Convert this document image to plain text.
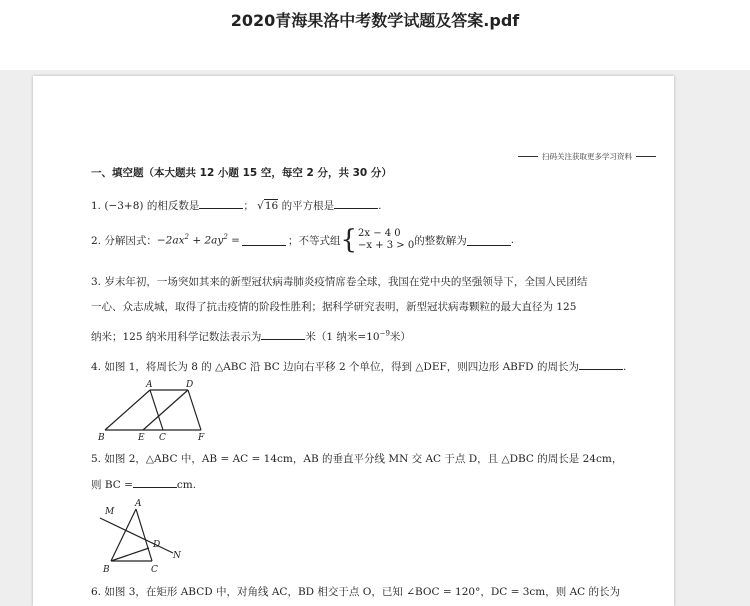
2020青海果洛中考数学试题及答案.pdf
扫码关注获取更多学习资料
一、填空题（本大题共 12 小题 15 空，每空 2 分，共 30 分）
1. (−3+8) 的相反数是	； √16 的平方根是	.
2. 分解因式： $-2ax^2 + 2ay^2$ =	；不等式组 { 2x − 4 0
−x + 3 > 0 的整数解为	.
3. 岁末年初，一场突如其来的新型冠状病毒肺炎疫情席卷全球，我国在党中央的坚强领导下，全国人民团结
一心、众志成城，取得了抗击疫情的阶段性胜利；据科学研究表明，新型冠状病毒颗粒的最大直径为 125
纳米；125 纳米用科学记数法表示为	米（1 纳米$=10^{-9}$米）
4. 如图 1，将周长为 8 的 △ABC 沿 BC 边向右平移 2 个单位，得到 △DEF，则四边形 ABFD 的周长为	.
A	D
B	E C	F
5. 如图 2，△ABC 中，AB = AC = 14cm，AB 的垂直平分线 MN 交 AC 于点 D，且 △DBC 的周长是 24cm，
则 BC =	cm.
A
M
D
N
B	C
6. 如图 3，在矩形 ABCD 中，对角线 AC，BD 相交于点 O，已知 ∠BOC = 120°，DC = 3cm，则 AC 的长为
